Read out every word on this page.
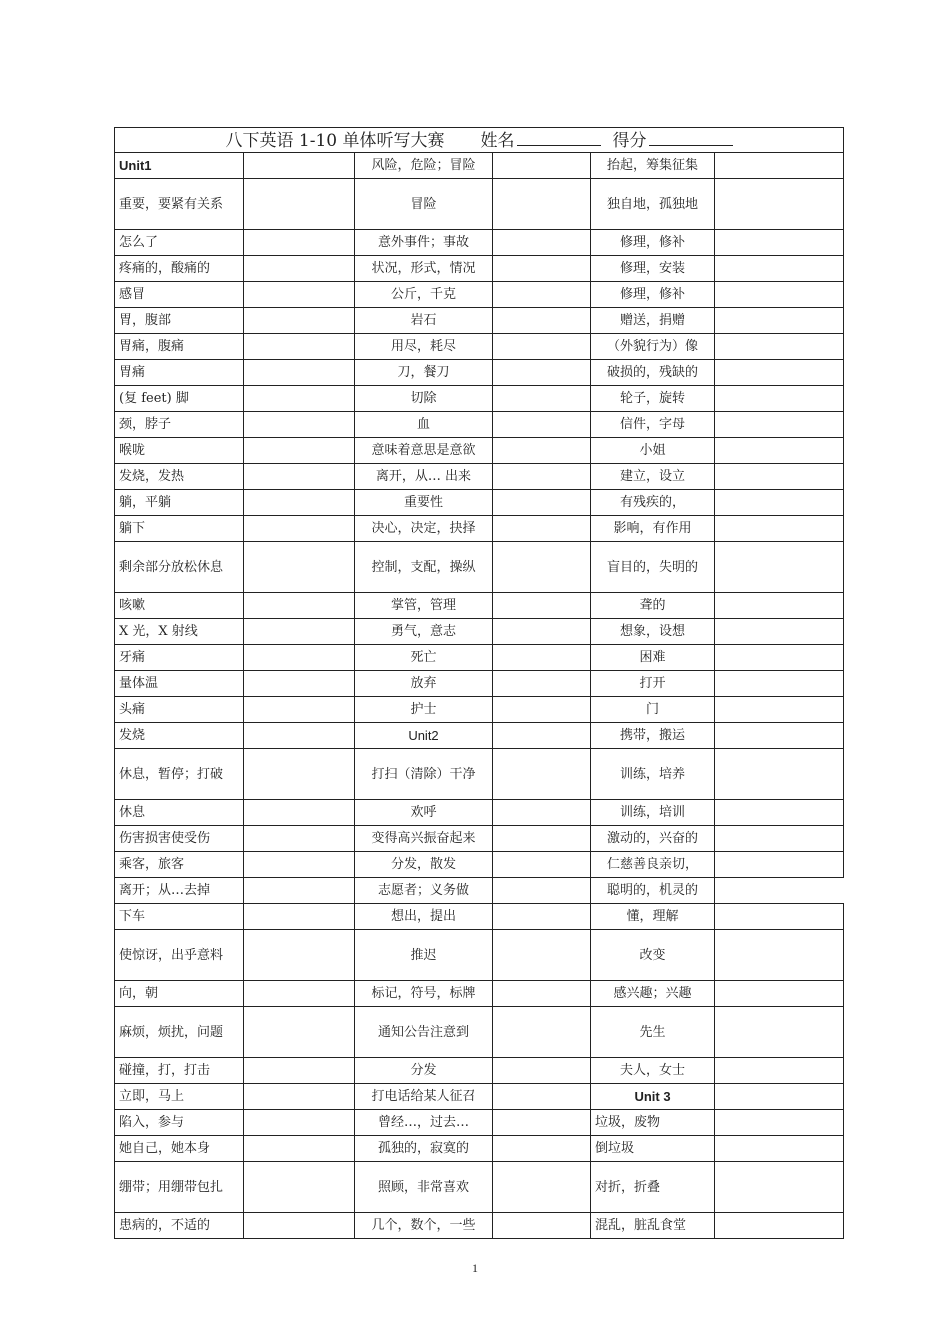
八下英语 1-10 单体听写大赛 姓名 得分					
Unit1		风险，危险；冒险		抬起，筹集征集	
重要，要紧有关系		冒险		独自地，孤独地	
怎么了		意外事件；事故		修理，修补	
疼痛的，酸痛的		状况，形式，情况		修理，安装	
感冒		公斤，千克		修理，修补	
胃，腹部		岩石		赠送，捐赠	
胃痛，腹痛		用尽，耗尽		（外貌行为）像	
胃痛		刀，餐刀		破损的，残缺的	
(复 feet) 脚		切除		轮子，旋转	
颈，脖子		血		信件，字母	
喉咙		意味着意思是意欲		小姐	
发烧，发热		离开，从… 出来		建立，设立	
躺，平躺		重要性		有残疾的，	
躺下		决心，决定，抉择		影响，有作用	
剩余部分放松休息		控制，支配，操纵		盲目的，失明的	
咳嗽		掌管，管理		聋的	
X 光，X 射线		勇气，意志		想象，设想	
牙痛		死亡		困难	
量体温		放弃		打开	
头痛		护士		门	
发烧		Unit2		携带，搬运	
休息，暂停；打破		打扫（清除）干净		训练，培养	
休息		欢呼		训练，培训	
伤害损害使受伤		变得高兴振奋起来		激动的，兴奋的	
乘客，旅客		分发，散发		仁慈善良亲切，	
离开；从…去掉		志愿者；义务做		聪明的，机灵的	
下车		想出，提出		懂，理解	
使惊讶，出乎意料		推迟		改变	
向，朝		标记，符号，标牌		感兴趣；兴趣	
麻烦，烦扰，问题		通知公告注意到		先生	
碰撞，打，打击		分发		夫人，女士	
立即，马上		打电话给某人征召		Unit 3	
陷入，参与		曾经…，过去…		垃圾，废物	
她自己，她本身		孤独的，寂寞的		倒垃圾	
绷带；用绷带包扎		照顾，非常喜欢		对折，折叠	
患病的，不适的		几个，数个，一些		混乱，脏乱食堂	
1
